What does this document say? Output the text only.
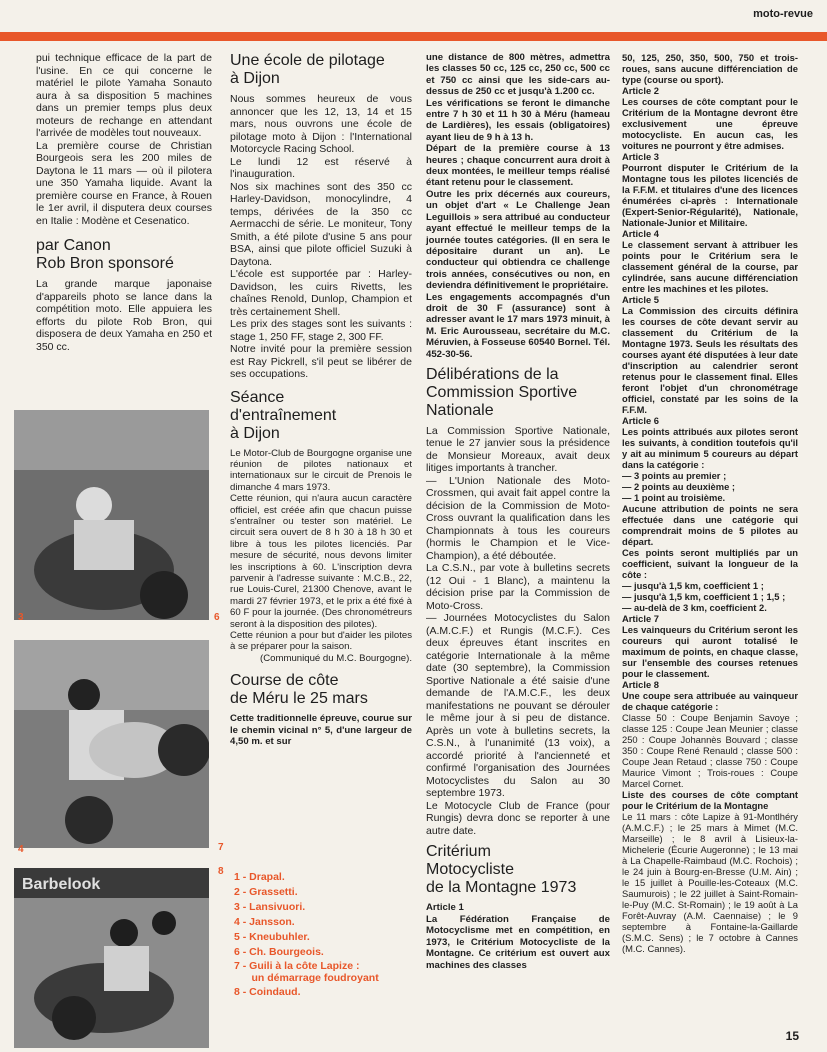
moto-revue

pui technique efficace de la part de l'usine. En ce qui concerne le matériel le pilote Yamaha Sonauto aura à sa disposition 5 machines dans un premier temps plus deux moteurs de rechange en attendant l'arrivée de modèles tout nouveaux.

La première course de Christian Bourgeois sera les 200 miles de Daytona le 11 mars — où il pilotera une 350 Yamaha liquide. Avant la première course en France, à Rouen le 1er avril, il disputera deux courses en Italie : Modène et Cesenatico.

par Canon
Rob Bron sponsoré

La grande marque japonaise d'appareils photo se lance dans la compétition moto. Elle appuiera les efforts du pilote Rob Bron, qui disposera de deux Yamaha en 250 et 350 cc.

3	6
4	7
Barbelook
8
Une école de pilotage
à Dijon

Nous sommes heureux de vous annoncer que les 12, 13, 14 et 15 mars, nous ouvrons une école de pilotage moto à Dijon : l'International Motorcycle Racing School.

Le lundi 12 est réservé à l'inauguration.

Nos six machines sont des 350 cc Harley-Davidson, monocylindre, 4 temps, dérivées de la 350 cc Aermacchi de série. Le moniteur, Tony Smith, a été pilote d'usine 5 ans pour BSA, ainsi que pilote officiel Suzuki à Daytona.

L'école est supportée par : Harley-Davidson, les cuirs Rivetts, les chaînes Renold, Dunlop, Champion et très certainement Shell.

Les prix des stages sont les suivants : stage 1, 250 FF, stage 2, 300 FF.

Notre invité pour la première session est Ray Pickrell, s'il peut se libérer de ses occupations.

Séance
d'entraînement
à Dijon

Le Motor-Club de Bourgogne organise une réunion de pilotes nationaux et internationaux sur le circuit de Prenois le dimanche 4 mars 1973.

Cette réunion, qui n'aura aucun caractère officiel, est créée afin que chacun puisse s'entraîner ou tester son matériel. Le circuit sera ouvert de 8 h 30 à 18 h 30 et libre à tous les pilotes licenciés. Par mesure de sécurité, nous devons limiter les inscriptions à 60. L'inscription devra parvenir à l'adresse suivante : M.C.B., 22, rue Louis-Curel, 21300 Chenove, avant le mardi 27 février 1973, et le prix a été fixé à 60 F pour la journée. (Des chronométreurs seront à la disposition des pilotes).

Cette réunion a pour but d'aider les pilotes à se préparer pour la saison.

(Communiqué du M.C. Bourgogne).

Course de côte
de Méru le 25 mars

Cette traditionnelle épreuve, courue sur le chemin vicinal n° 5, d'une largeur de 4,50 m. et sur

1 - Drapal.
2 - Grassetti.
3 - Lansivuori.
4 - Jansson.
5 - Kneubuhler.
6 - Ch. Bourgeois.
7 - Guili à la côte Lapize :
un démarrage foudroyant
8 - Coindaud.

une distance de 800 mètres, admettra les classes 50 cc, 125 cc, 250 cc, 500 cc et 750 cc ainsi que les side-cars au-dessus de 250 cc et jusqu'à 1.200 cc.

Les vérifications se feront le dimanche entre 7 h 30 et 11 h 30 à Méru (hameau de Lardières), les essais (obligatoires) ayant lieu de 9 h à 13 h.

Départ de la première course à 13 heures ; chaque concurrent aura droit à deux montées, le meilleur temps réalisé étant retenu pour le classement.

Outre les prix décernés aux coureurs, un objet d'art « Le Challenge Jean Leguillois » sera attribué au conducteur ayant effectué le meilleur temps de la journée toutes catégories. (Il en sera le dépositaire durant un an). Le conducteur qui obtiendra ce challenge trois années, consécutives ou non, en deviendra définitivement le propriétaire.

Les engagements accompagnés d'un droit de 30 F (assurance) sont à adresser avant le 17 mars 1973 minuit, à M. Eric Aurousseau, secrétaire du M.C. Méruvien, à Fosseuse 60540 Bornel. Tél. 452-30-56.

Délibérations de la
Commission Sportive
Nationale

La Commission Sportive Nationale, tenue le 27 janvier sous la présidence de Monsieur Moreaux, avait deux litiges importants à trancher.

— L'Union Nationale des Moto-Crossmen, qui avait fait appel contre la décision de la Commission de Moto-Cross ouvrant la qualification dans les Championnats à tous les coureurs (hormis le Champion et le Vice-Champion), a été déboutée.

La C.S.N., par vote à bulletins secrets (12 Oui - 1 Blanc), a maintenu la décision prise par la Commission de Moto-Cross.

— Journées Motocyclistes du Salon (A.M.C.F.) et Rungis (M.C.F.). Ces deux épreuves étant inscrites en catégorie Internationale à la même date (30 septembre), la Commission Sportive Nationale a été saisie d'une demande de l'A.M.C.F., les deux manifestations ne pouvant se dérouler le même jour à si peu de distance. Après un vote à bulletins secrets, la C.S.N., à l'unanimité (13 voix), a accordé priorité à l'ancienneté et confirmé l'organisation des Journées Motocyclistes du Salon au 30 septembre 1973.

Le Motocycle Club de France (pour Rungis) devra donc se reporter à une autre date.

Critérium
Motocycliste
de la Montagne 1973

Article 1

La Fédération Française de Motocyclisme met en compétition, en 1973, le Critérium Motocycliste de la Montagne. Ce critérium est ouvert aux machines des classes

50, 125, 250, 350, 500, 750 et trois-roues, sans aucune différenciation de type (course ou sport).

Article 2

Les courses de côte comptant pour le Critérium de la Montagne devront être exclusivement une épreuve motocycliste. En aucun cas, les voitures ne pourront y être admises.

Article 3

Pourront disputer le Critérium de la Montagne tous les pilotes licenciés de la F.F.M. et titulaires d'une des licences énumérées ci-après : Internationale (Expert-Senior-Régularité), Nationale, Nationale-Junior et Militaire.

Article 4

Le classement servant à attribuer les points pour le Critérium sera le classement général de la course, par cylindrée, sans aucune différenciation entre les machines et les pilotes.

Article 5

La Commission des circuits définira les courses de côte devant servir au classement du Critérium de la Montagne 1973. Seuls les résultats des courses ayant été disputées à leur date d'inscription au calendrier seront retenus pour le classement final. Elles feront l'objet d'un chronométrage officiel, constaté par les soins de la F.F.M.

Article 6

Les points attribués aux pilotes seront les suivants, à condition toutefois qu'il y ait au minimum 5 coureurs au départ dans la catégorie :

— 3 points au premier ;

— 2 points au deuxième ;

— 1 point au troisième.

Aucune attribution de points ne sera effectuée dans une catégorie qui comprendrait moins de 5 pilotes au départ.

Ces points seront multipliés par un coefficient, suivant la longueur de la côte :

— jusqu'à 1,5 km, coefficient 1 ;

— jusqu'à 1,5 km, coefficient 1 ; 1,5 ;

— au-delà de 3 km, coefficient 2.

Article 7

Les vainqueurs du Critérium seront les coureurs qui auront totalisé le maximum de points, en chaque classe, sur l'ensemble des courses retenues pour le classement.

Article 8

Une coupe sera attribuée au vainqueur de chaque catégorie :

Classe 50 : Coupe Benjamin Savoye ; classe 125 : Coupe Jean Meunier ; classe 250 : Coupe Johannès Bouvard ; classe 350 : Coupe René Renauld ; classe 500 : Coupe Jean Retaud ; classe 750 : Coupe Maurice Vimont ; Trois-roues : Coupe Marcel Cornet.

Liste des courses de côte comptant pour le Critérium de la Montagne

Le 11 mars : côte Lapize à 91-Montlhéry (A.M.C.F.) ; le 25 mars à Mimet (M.C. Marseille) ; le 8 avril à Lisieux-la-Michelerie (Écurie Augeronne) ; le 13 mai à La Chapelle-Raimbaud (M.C. Rochois) ; le 24 juin à Bourg-en-Bresse (U.M. Ain) ; le 15 juillet à Pouille-les-Coteaux (M.C. Saumurois) ; le 22 juillet à Saint-Romain-le-Puy (M.C. St-Romain) ; le 19 août à La Forêt-Auvray (A.M. Caennaise) ; le 9 septembre à Fontaine-la-Gaillarde (S.M.C. Sens) ; le 7 octobre à Cannes (M.C. Cannes).

15
